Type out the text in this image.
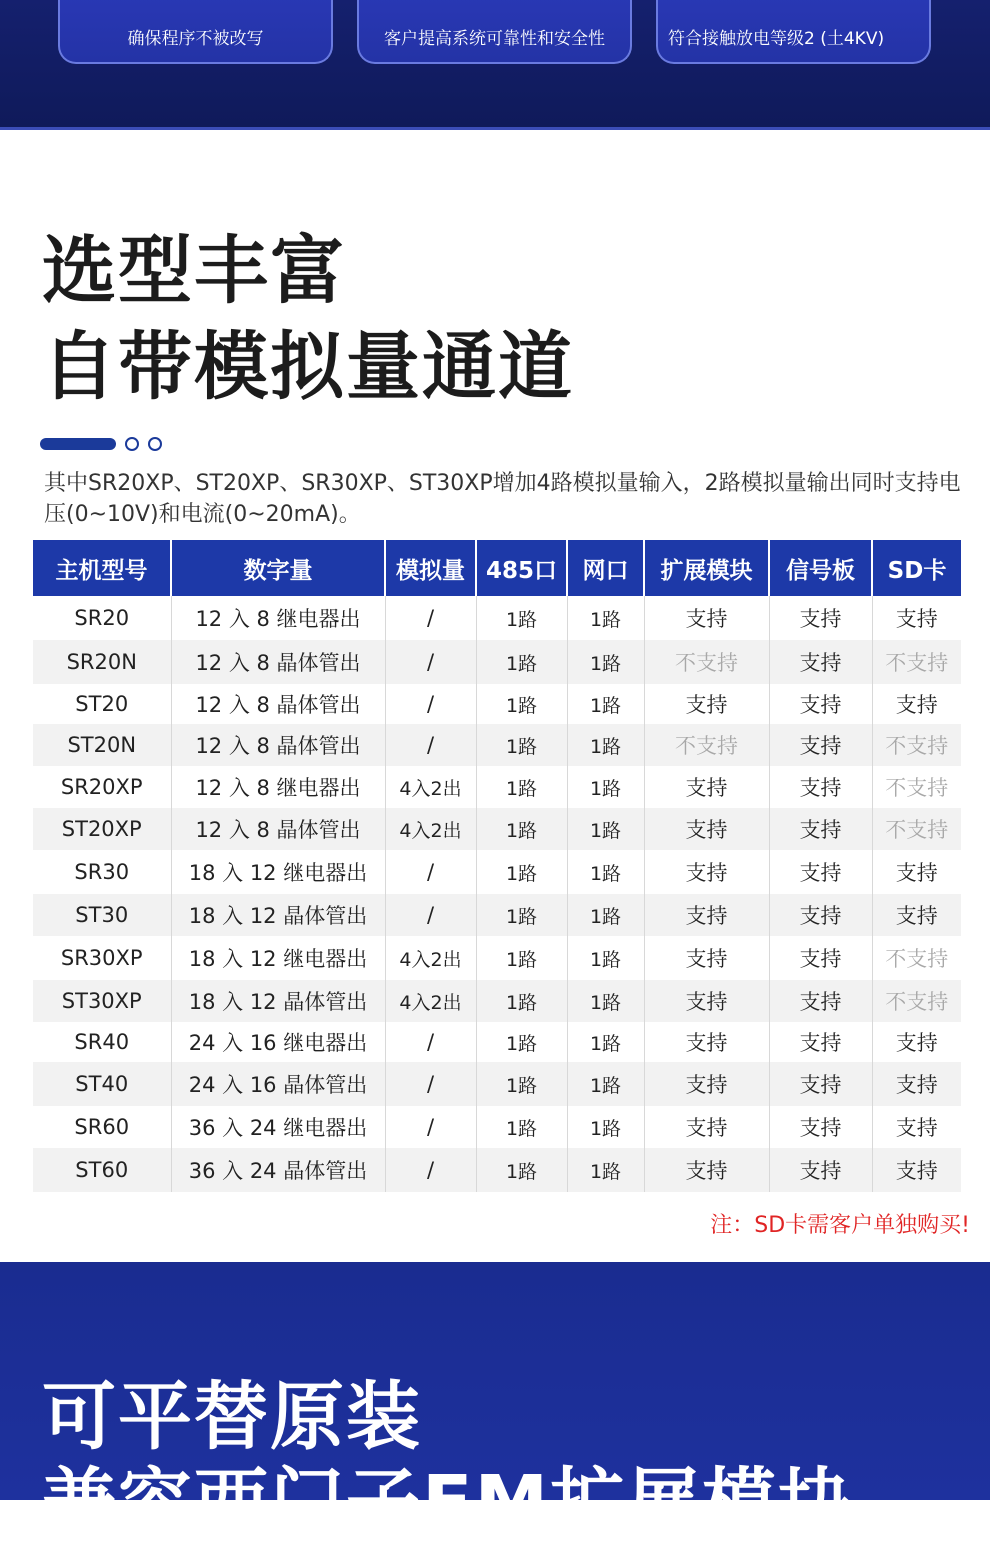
确保程序不被改写	客户提高系统可靠性和安全性	符合接触放电等级2 (土4KV)
选型丰富
自带模拟量通道
其中SR20XP、ST20XP、SR30XP、ST30XP增加4路模拟量输入，2路模拟量输出同时支持电压(0~10V)和电流(0~20mA)。
主机型号	数字量	模拟量	485口	网口	扩展模块	信号板	SD卡
SR20	12 入 8 继电器出	/	1路	1路	支持	支持	支持
SR20N	12 入 8 晶体管出	/	1路	1路	不支持	支持	不支持
ST20	12 入 8 晶体管出	/	1路	1路	支持	支持	支持
ST20N	12 入 8 晶体管出	/	1路	1路	不支持	支持	不支持
SR20XP	12 入 8 继电器出	4入2出	1路	1路	支持	支持	不支持
ST20XP	12 入 8 晶体管出	4入2出	1路	1路	支持	支持	不支持
SR30	18 入 12 继电器出	/	1路	1路	支持	支持	支持
ST30	18 入 12 晶体管出	/	1路	1路	支持	支持	支持
SR30XP	18 入 12 继电器出	4入2出	1路	1路	支持	支持	不支持
ST30XP	18 入 12 晶体管出	4入2出	1路	1路	支持	支持	不支持
SR40	24 入 16 继电器出	/	1路	1路	支持	支持	支持
ST40	24 入 16 晶体管出	/	1路	1路	支持	支持	支持
SR60	36 入 24 继电器出	/	1路	1路	支持	支持	支持
ST60	36 入 24 晶体管出	/	1路	1路	支持	支持	支持
注：SD卡需客户单独购买!
可平替原装
兼容西门子EM扩展模块
